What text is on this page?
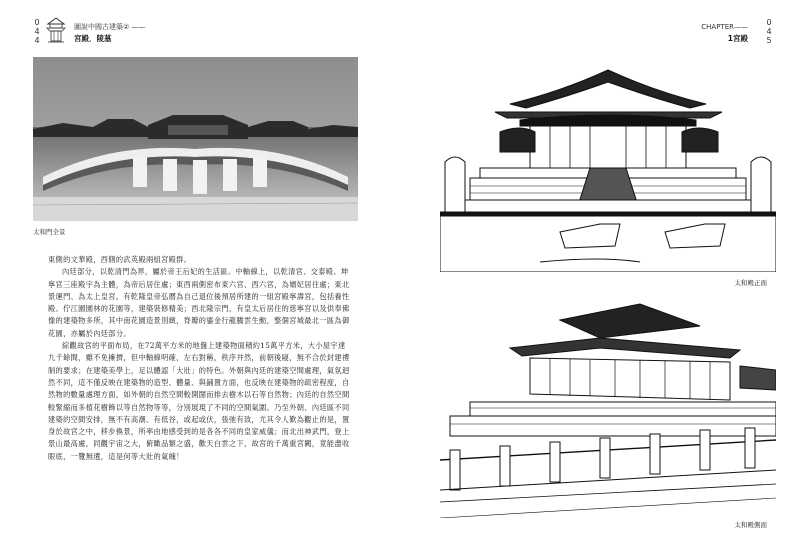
0
4
4
圖說中國古建築② ——
宮殿．陵墓
太和門全景

東側的文華殿，西側的武英殿兩組宮殿群。

內廷部分，以乾清門為界，屬於帝王后妃的生活區。中軸線上，以乾清宮、交泰殿、坤寧宮三座殿宇為主體，為帝后居住處；東西兩側密布東六宮、西六宮，為嬪妃居住處；東北景運門、為太上皇宮，有乾隆皇帝弘曆為自己退位後預居所建的一組宮殿寧壽宮，包括養性殿、佇江園園林的花園等，建築裝修精美；西北隆宗門，有皇太后居住的慈寧宮以及供奉佛像的建築物多所，其中南花園造景別緻，脊瓣的鎏金行龍騰雲生動，整個宮城最北一區為御花園，亦屬於內廷部分。

綜觀故宮的平面布局，在72萬平方米的地盤上建築物面積約15萬平方米，大小屋宇達九千餘間，雖不免擁擠，但中軸線明確，左右對稱，秩序井然，前朝後寢，無不合於封建禮制的要求；在建築美學上，足以體認「大壯」的特色。外朝與內廷的建築空間處理，氣氛迥然不同，這不僅反映在建築物的造型、體量、與鋪置方面，也反映在建築物的疏密程度，自然物的數量處理方面，如外朝的自然空間較開闊而排去樹木以石等自然物；內廷的自然空間較緊縮而多植花樹飾以等自然物等等，分別展現了不同的空間氣圍。乃至外朝、內廷區不同建築的空間安排，無不有高潮、有低谷，或起或伏，張弛有致，尤其令人歎為觀止的是，置身於故宮之中，移步換景，所率由地感受到的是各各不同的皇家威儀；而北出神武門，登上景山最高處，同觀宇宙之大，俯瞰品類之盛，歡天白雲之下，故宮的千萬重宮闕，竟能盡收眼底，一覽無遺，這是何等大壯的氣魄！

CHAPTER——
1宮殿
0
4
5
太和殿正面
太和殿側面
